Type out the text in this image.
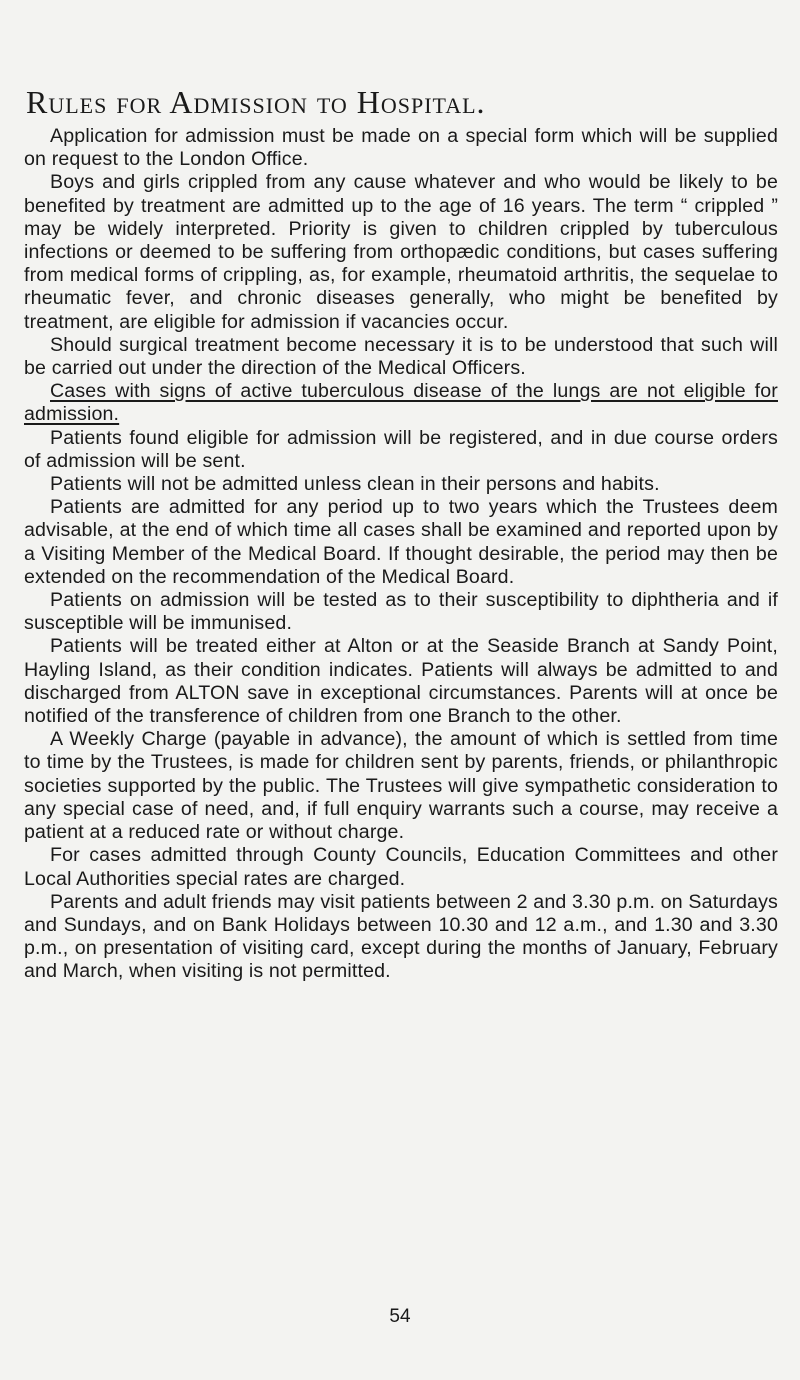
Rules for Admission to Hospital.

Application for admission must be made on a special form which will be supplied on request to the London Office.

Boys and girls crippled from any cause whatever and who would be likely to be benefited by treatment are admitted up to the age of 16 years. The term “ crippled ” may be widely interpreted. Priority is given to children crippled by tuberculous infections or deemed to be suffering from orthopædic conditions, but cases suffering from medical forms of crippling, as, for example, rheumatoid arthritis, the sequelae to rheumatic fever, and chronic diseases generally, who might be benefited by treatment, are eligible for admission if vacancies occur.

Should surgical treatment become necessary it is to be understood that such will be carried out under the direction of the Medical Officers.

Cases with signs of active tuberculous disease of the lungs are not eligible for admission.

Patients found eligible for admission will be registered, and in due course orders of admission will be sent.

Patients will not be admitted unless clean in their persons and habits.

Patients are admitted for any period up to two years which the Trustees deem advisable, at the end of which time all cases shall be examined and reported upon by a Visiting Member of the Medical Board. If thought desirable, the period may then be extended on the recommendation of the Medical Board.

Patients on admission will be tested as to their susceptibility to diphtheria and if susceptible will be immunised.

Patients will be treated either at Alton or at the Seaside Branch at Sandy Point, Hayling Island, as their condition indicates. Patients will always be admitted to and discharged from ALTON save in exceptional circumstances. Parents will at once be notified of the transference of children from one Branch to the other.

A Weekly Charge (payable in advance), the amount of which is settled from time to time by the Trustees, is made for children sent by parents, friends, or philanthropic societies supported by the public. The Trustees will give sympathetic consideration to any special case of need, and, if full enquiry warrants such a course, may receive a patient at a reduced rate or without charge.

For cases admitted through County Councils, Education Committees and other Local Authorities special rates are charged.

Parents and adult friends may visit patients between 2 and 3.30 p.m. on Saturdays and Sundays, and on Bank Holidays between 10.30 and 12 a.m., and 1.30 and 3.30 p.m., on presentation of visiting card, except during the months of January, February and March, when visiting is not permitted.

54
